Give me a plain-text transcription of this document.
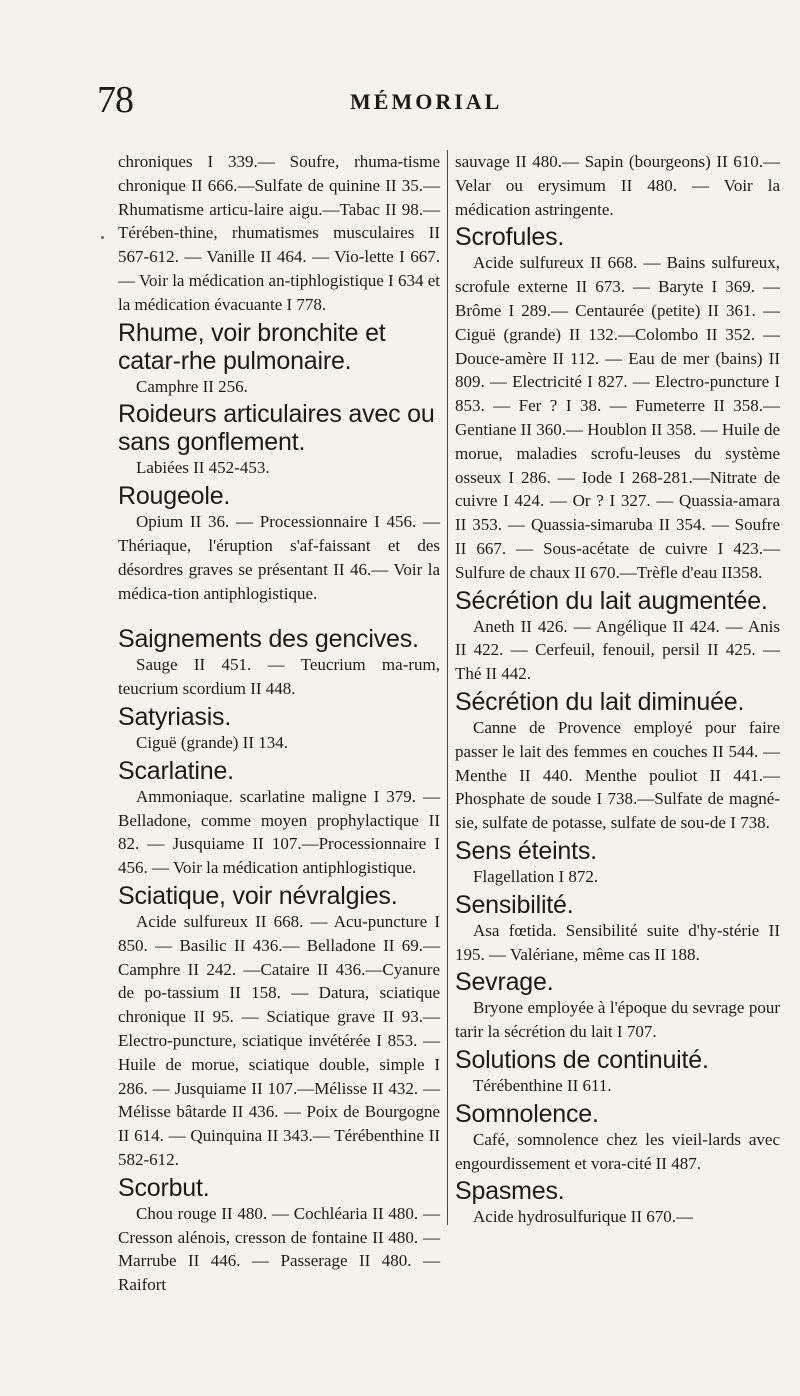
78	MÉMORIAL

chroniques I 339.— Soufre, rhuma-tisme chronique II 666.—Sulfate de quinine II 35.—Rhumatisme articu-laire aigu.—Tabac II 98.—Térében-thine, rhumatismes musculaires II 567-612. — Vanille II 464. — Vio-lette I 667.— Voir la médication an-tiphlogistique I 634 et la médication évacuante I 778.

Rhume, voir bronchite et catar-rhe pulmonaire.

Camphre II 256.

Roideurs articulaires avec ou sans gonflement.

Labiées II 452-453.

Rougeole.

Opium II 36. — Processionnaire I 456. — Thériaque, l'éruption s'af-faissant et des désordres graves se présentant II 46.— Voir la médica-tion antiphlogistique.

Saignements des gencives.

Sauge II 451. — Teucrium ma-rum, teucrium scordium II 448.

Satyriasis.

Ciguë (grande) II 134.

Scarlatine.

Ammoniaque. scarlatine maligne I 379. — Belladone, comme moyen prophylactique II 82. — Jusquiame II 107.—Processionnaire I 456. — Voir la médication antiphlogistique.

Sciatique, voir névralgies.

Acide sulfureux II 668. — Acu-puncture I 850. — Basilic II 436.— Belladone II 69.— Camphre II 242. —Cataire II 436.—Cyanure de po-tassium II 158. — Datura, sciatique chronique II 95. — Sciatique grave II 93.— Electro-puncture, sciatique invétérée I 853. — Huile de morue, sciatique double, simple I 286. — Jusquiame II 107.—Mélisse II 432. —Mélisse bâtarde II 436. — Poix de Bourgogne II 614. — Quinquina II 343.— Térébenthine II 582-612.

Scorbut.

Chou rouge II 480. — Cochléaria II 480. — Cresson alénois, cresson de fontaine II 480. — Marrube II 446. — Passerage II 480. — Raifort

sauvage II 480.— Sapin (bourgeons) II 610.—Velar ou erysimum II 480. — Voir la médication astringente.

Scrofules.

Acide sulfureux II 668. — Bains sulfureux, scrofule externe II 673. — Baryte I 369. — Brôme I 289.— Centaurée (petite) II 361. — Ciguë (grande) II 132.—Colombo II 352. — Douce-amère II 112. — Eau de mer (bains) II 809. — Electricité I 827. — Electro-puncture I 853. — Fer ? I 38. — Fumeterre II 358.— Gentiane II 360.— Houblon II 358. — Huile de morue, maladies scrofu-leuses du système osseux I 286. — Iode I 268-281.—Nitrate de cuivre I 424. — Or ? I 327. — Quassia-amara II 353. — Quassia-simaruba II 354. — Soufre II 667. — Sous-acétate de cuivre I 423.—Sulfure de chaux II 670.—Trèfle d'eau II358.

Sécrétion du lait augmentée.

Aneth II 426. — Angélique II 424. — Anis II 422. — Cerfeuil, fenouil, persil II 425. — Thé II 442.

Sécrétion du lait diminuée.

Canne de Provence employé pour faire passer le lait des femmes en couches II 544. — Menthe II 440. Menthe pouliot II 441.—Phosphate de soude I 738.—Sulfate de magné-sie, sulfate de potasse, sulfate de sou-de I 738.

Sens éteints.

Flagellation I 872.

Sensibilité.

Asa fœtida. Sensibilité suite d'hy-stérie II 195. — Valériane, même cas II 188.

Sevrage.

Bryone employée à l'époque du sevrage pour tarir la sécrétion du lait I 707.

Solutions de continuité.

Térébenthine II 611.

Somnolence.

Café, somnolence chez les vieil-lards avec engourdissement et vora-cité II 487.

Spasmes.

Acide hydrosulfurique II 670.—
